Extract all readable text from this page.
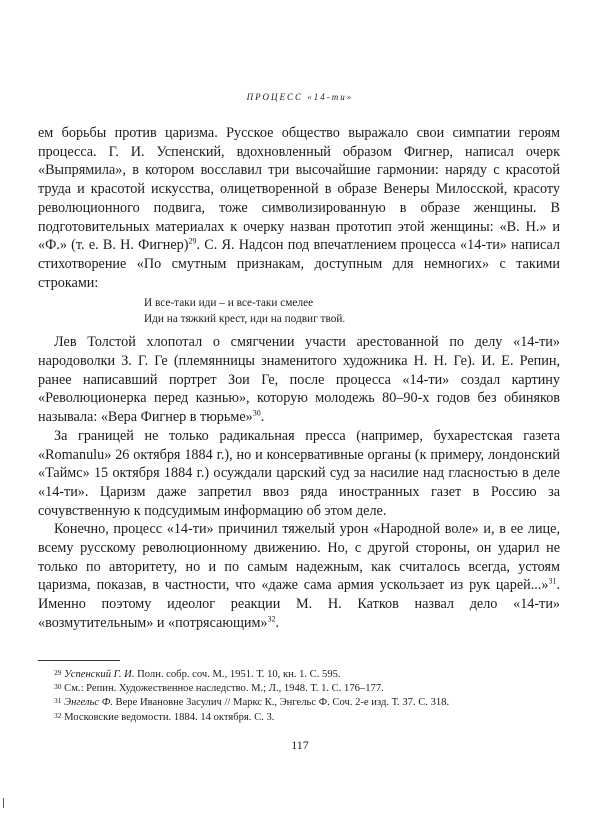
ПРОЦЕСС «14-ти»

ем борьбы против царизма. Русское общество выражало свои симпатии героям процесса. Г. И. Успенский, вдохновленный образом Фигнер, написал очерк «Выпрямила», в котором восславил три высочайшие гармонии: наряду с красотой труда и красотой искусства, олицетворенной в образе Венеры Милосской, красоту революционного подвига, тоже символизированную в образе женщины. В подготовительных материалах к очерку назван прототип этой женщины: «В. Н.» и «Ф.» (т. е. В. Н. Фигнер)$^{29}$. С. Я. Надсон под впечатлением процесса «14-ти» написал стихотворение «По смутным признакам, доступным для немногих» с такими строками:

И все-таки иди – и все-таки смелее
Иди на тяжкий крест, иди на подвиг твой.

Лев Толстой хлопотал о смягчении участи арестованной по делу «14-ти» народоволки З. Г. Ге (племянницы знаменитого художника Н. Н. Ге). И. Е. Репин, ранее написавший портрет Зои Ге, после процесса «14-ти» создал картину «Революционерка перед казнью», которую молодежь 80–90-х годов без обиняков называла: «Вера Фигнер в тюрьме»$^{30}$.

За границей не только радикальная пресса (например, бухарестская газета «Romanulu» 26 октября 1884 г.), но и консервативные органы (к примеру, лондонский «Таймс» 15 октября 1884 г.) осуждали царский суд за насилие над гласностью в деле «14-ти». Царизм даже запретил ввоз ряда иностранных газет в Россию за сочувственную к подсудимым информацию об этом деле.

Конечно, процесс «14-ти» причинил тяжелый урон «Народной воле» и, в ее лице, всему русскому революционному движению. Но, с другой стороны, он ударил не только по авторитету, но и по самым надежным, как считалось всегда, устоям царизма, показав, в частности, что «даже сама армия ускользает из рук царей...»$^{31}$. Именно поэтому идеолог реакции М. Н. Катков назвал дело «14-ти» «возмутительным» и «потрясающим»$^{32}$.

$^{29}$ Успенский Г. И. Полн. собр. соч. М., 1951. Т. 10, кн. 1. С. 595.

$^{30}$ См.: Репин. Художественное наследство. М.; Л., 1948. Т. 1. С. 176–177.

$^{31}$ Энгельс Ф. Вере Ивановне Засулич // Маркс К., Энгельс Ф. Соч. 2-е изд. Т. 37. С. 318.

$^{32}$ Московские ведомости. 1884. 14 октября. С. 3.

117
